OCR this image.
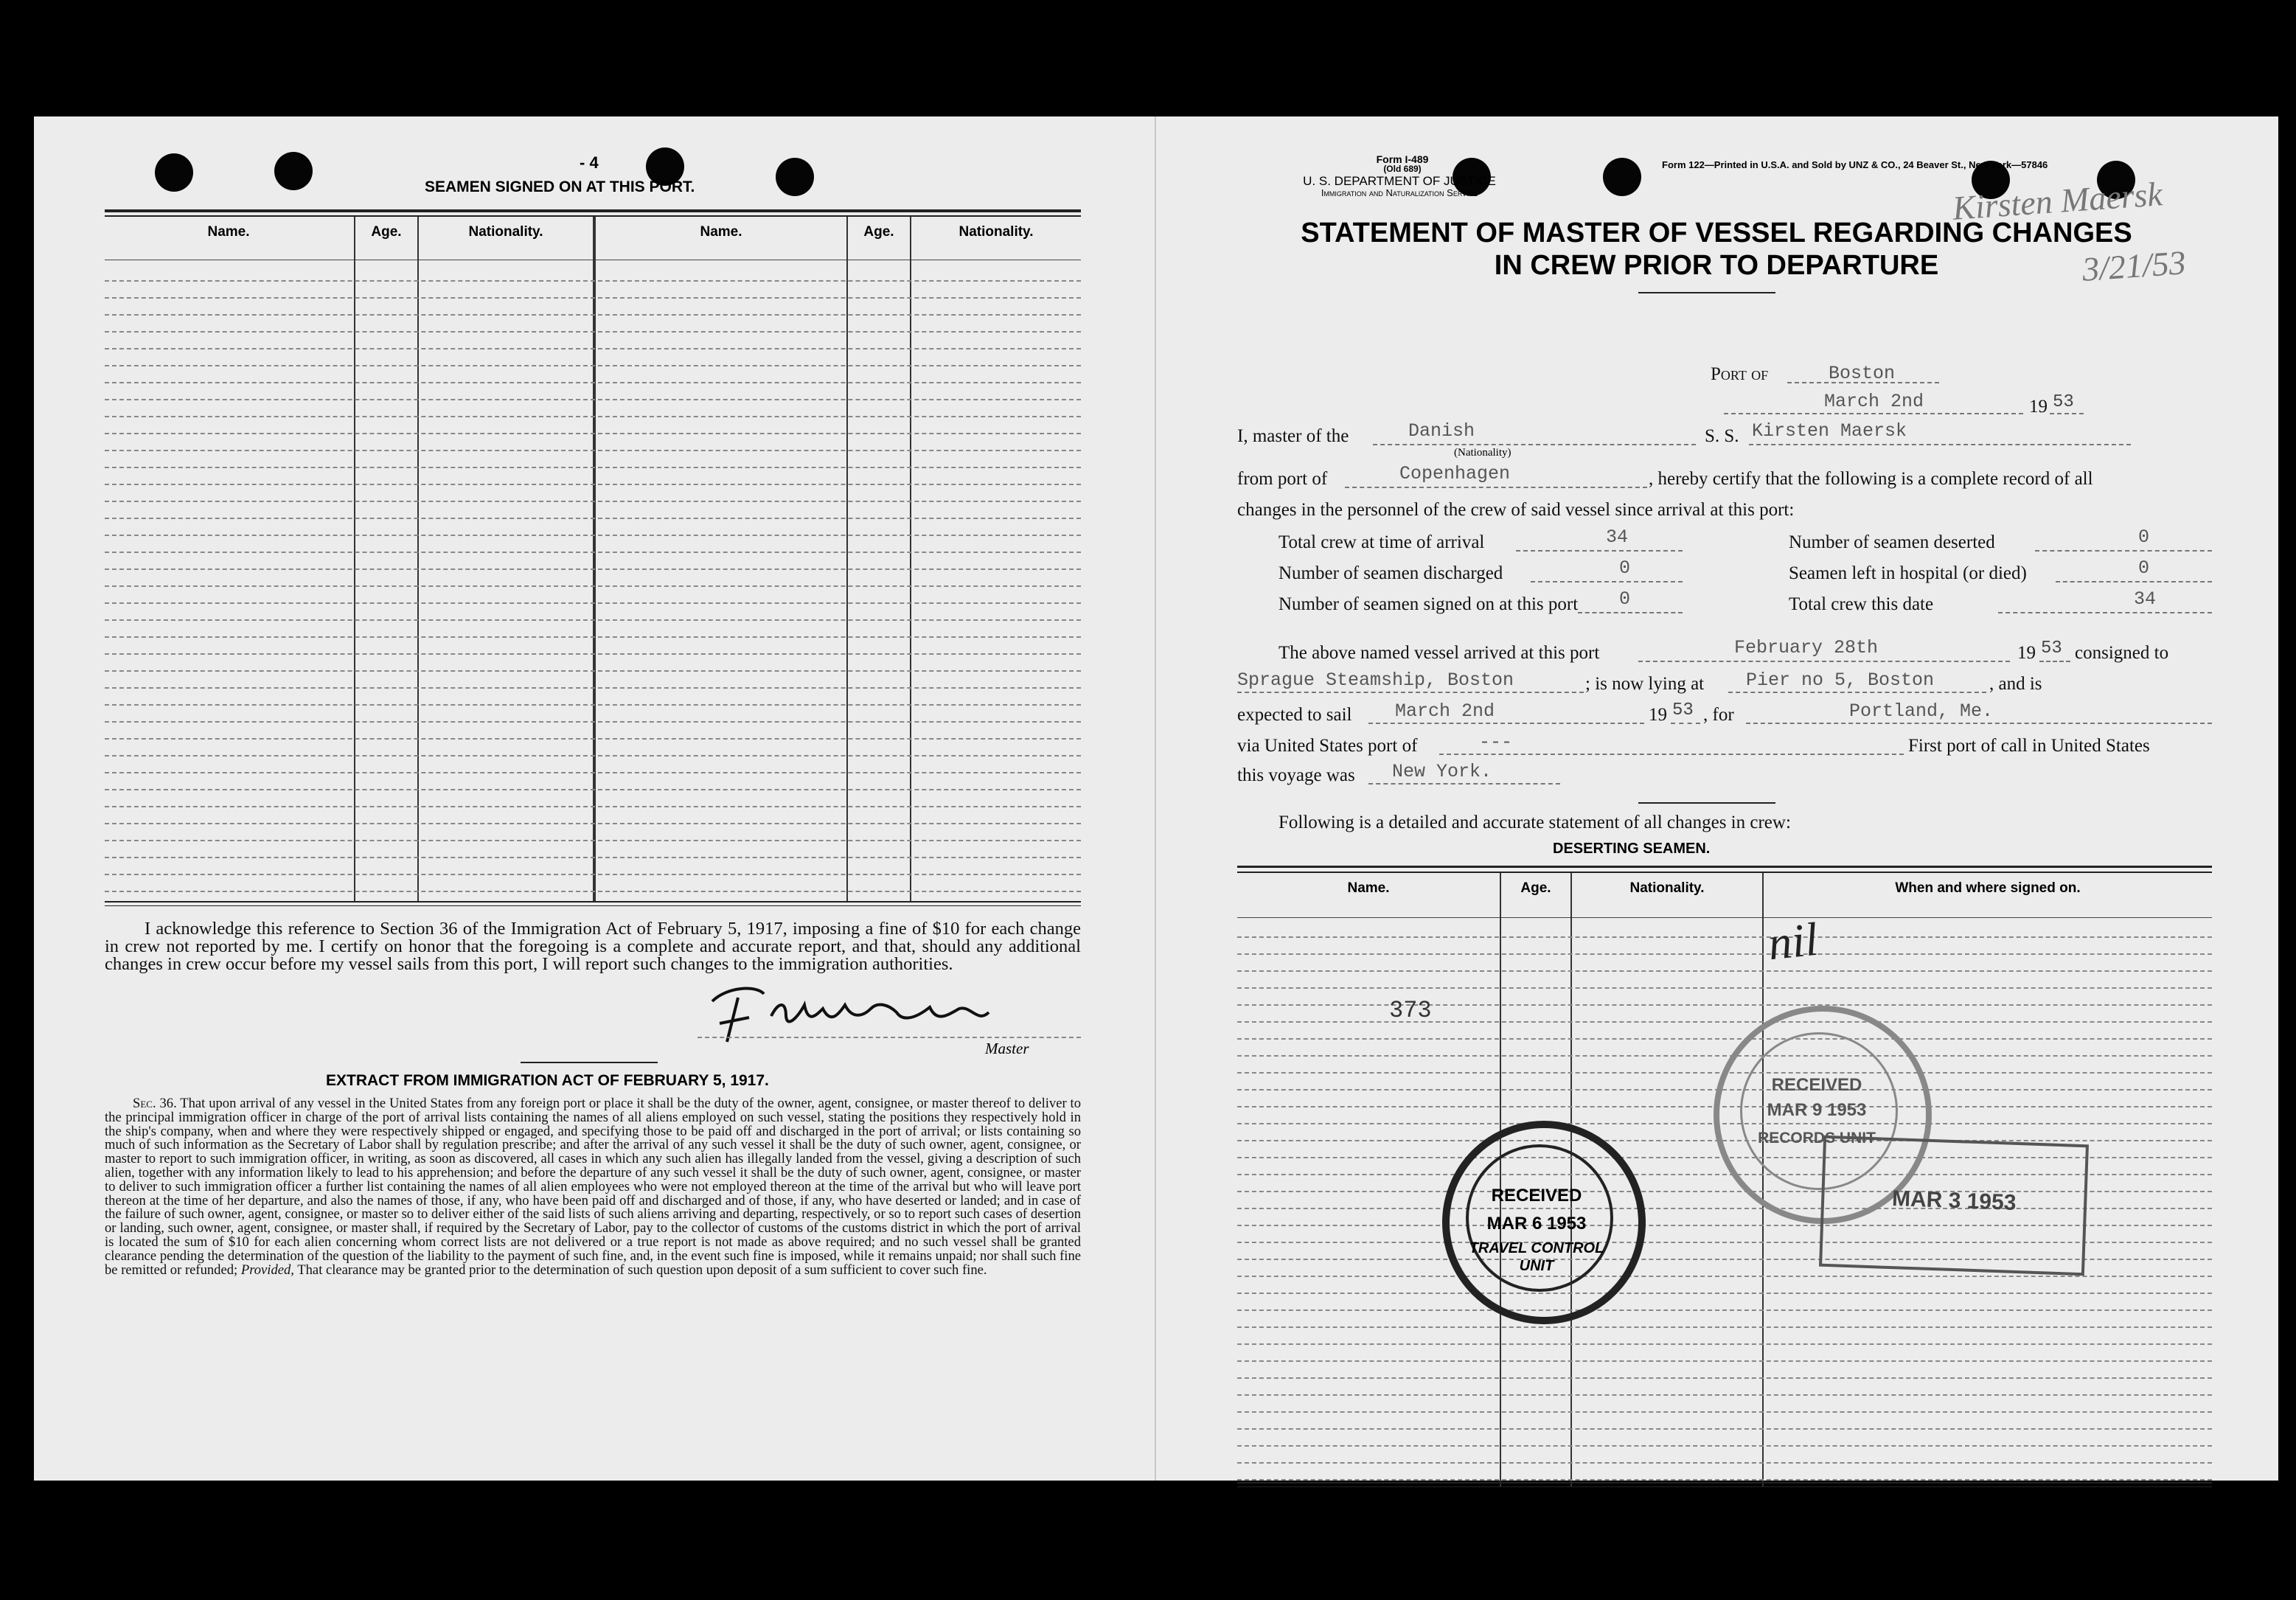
- 4
SEAMEN SIGNED ON AT THIS PORT.
Name.	Age.	Nationality.	Name.	Age.	Nationality.
I acknowledge this reference to Section 36 of the Immigration Act of February 5, 1917, imposing a fine of $10 for each change in crew not reported by me. I certify on honor that the foregoing is a complete and accurate report, and that, should any additional changes in crew occur before my vessel sails from this port, I will report such changes to the immigration authorities.
Master
EXTRACT FROM IMMIGRATION ACT OF FEBRUARY 5, 1917.
Sec. 36. That upon arrival of any vessel in the United States from any foreign port or place it shall be the duty of the owner, agent, consignee, or master thereof to deliver to the principal immigration officer in charge of the port of arrival lists containing the names of all aliens employed on such vessel, stating the positions they respectively hold in the ship's company, when and where they were respectively shipped or engaged, and specifying those to be paid off and discharged in the port of arrival; or lists containing so much of such information as the Secretary of Labor shall by regulation prescribe; and after the arrival of any such vessel it shall be the duty of such owner, agent, consignee, or master to report to such immigration officer, in writing, as soon as discovered, all cases in which any such alien has illegally landed from the vessel, giving a description of such alien, together with any information likely to lead to his apprehension; and before the departure of any such vessel it shall be the duty of such owner, agent, consignee, or master to deliver to such immigration officer a further list containing the names of all alien employees who were not employed thereon at the time of the arrival but who will leave port thereon at the time of her departure, and also the names of those, if any, who have been paid off and discharged and of those, if any, who have deserted or landed; and in case of the failure of such owner, agent, consignee, or master so to deliver either of the said lists of such aliens arriving and departing, respectively, or so to report such cases of desertion or landing, such owner, agent, consignee, or master shall, if required by the Secretary of Labor, pay to the collector of customs of the customs district in which the port of arrival is located the sum of $10 for each alien concerning whom correct lists are not delivered or a true report is not made as above required; and no such vessel shall be granted clearance pending the determination of the question of the liability to the payment of such fine, and, in the event such fine is imposed, while it remains unpaid; nor shall such fine be remitted or refunded; Provided, That clearance may be granted prior to the determination of such question upon deposit of a sum sufficient to cover such fine.
Form I-489
(Old 689)
U. S. DEPARTMENT OF JUSTICE
Immigration and Naturalization Service
Form 122—Printed in U.S.A. and Sold by UNZ & CO., 24 Beaver St., New York—57846
Kirsten Maersk
3/21/53
STATEMENT OF MASTER OF VESSEL REGARDING CHANGES
IN CREW PRIOR TO DEPARTURE
Port of	Boston
March 2nd	19 53
I, master of the	Danish
(Nationality)
S. S. Kirsten Maersk
from port of	Copenhagen	, hereby certify that the following is a complete record of all
changes in the personnel of the crew of said vessel since arrival at this port:
Total crew at time of arrival	34	Number of seamen deserted	0
Number of seamen discharged	0	Seamen left in hospital (or died)	0
Number of seamen signed on at this port 0	Total crew this date	34
The above named vessel arrived at this port	February 28th	19 53 consigned to
Sprague Steamship, Boston	; is now lying at Pier no 5, Boston	, and is
expected to sail March 2nd	19 53 , for	Portland, Me.
via United States port of	---	First port of call in United States
this voyage was New York.
Following is a detailed and accurate statement of all changes in crew:
DESERTING SEAMEN.
Name.	Age.	Nationality.	When and where signed on.
nil
373
RECEIVED
MAR 6 1953
TRAVEL CONTROL
UNIT
RECEIVED
MAR 9 1953
RECORDS UNIT
MAR 3 1953
16—17387
